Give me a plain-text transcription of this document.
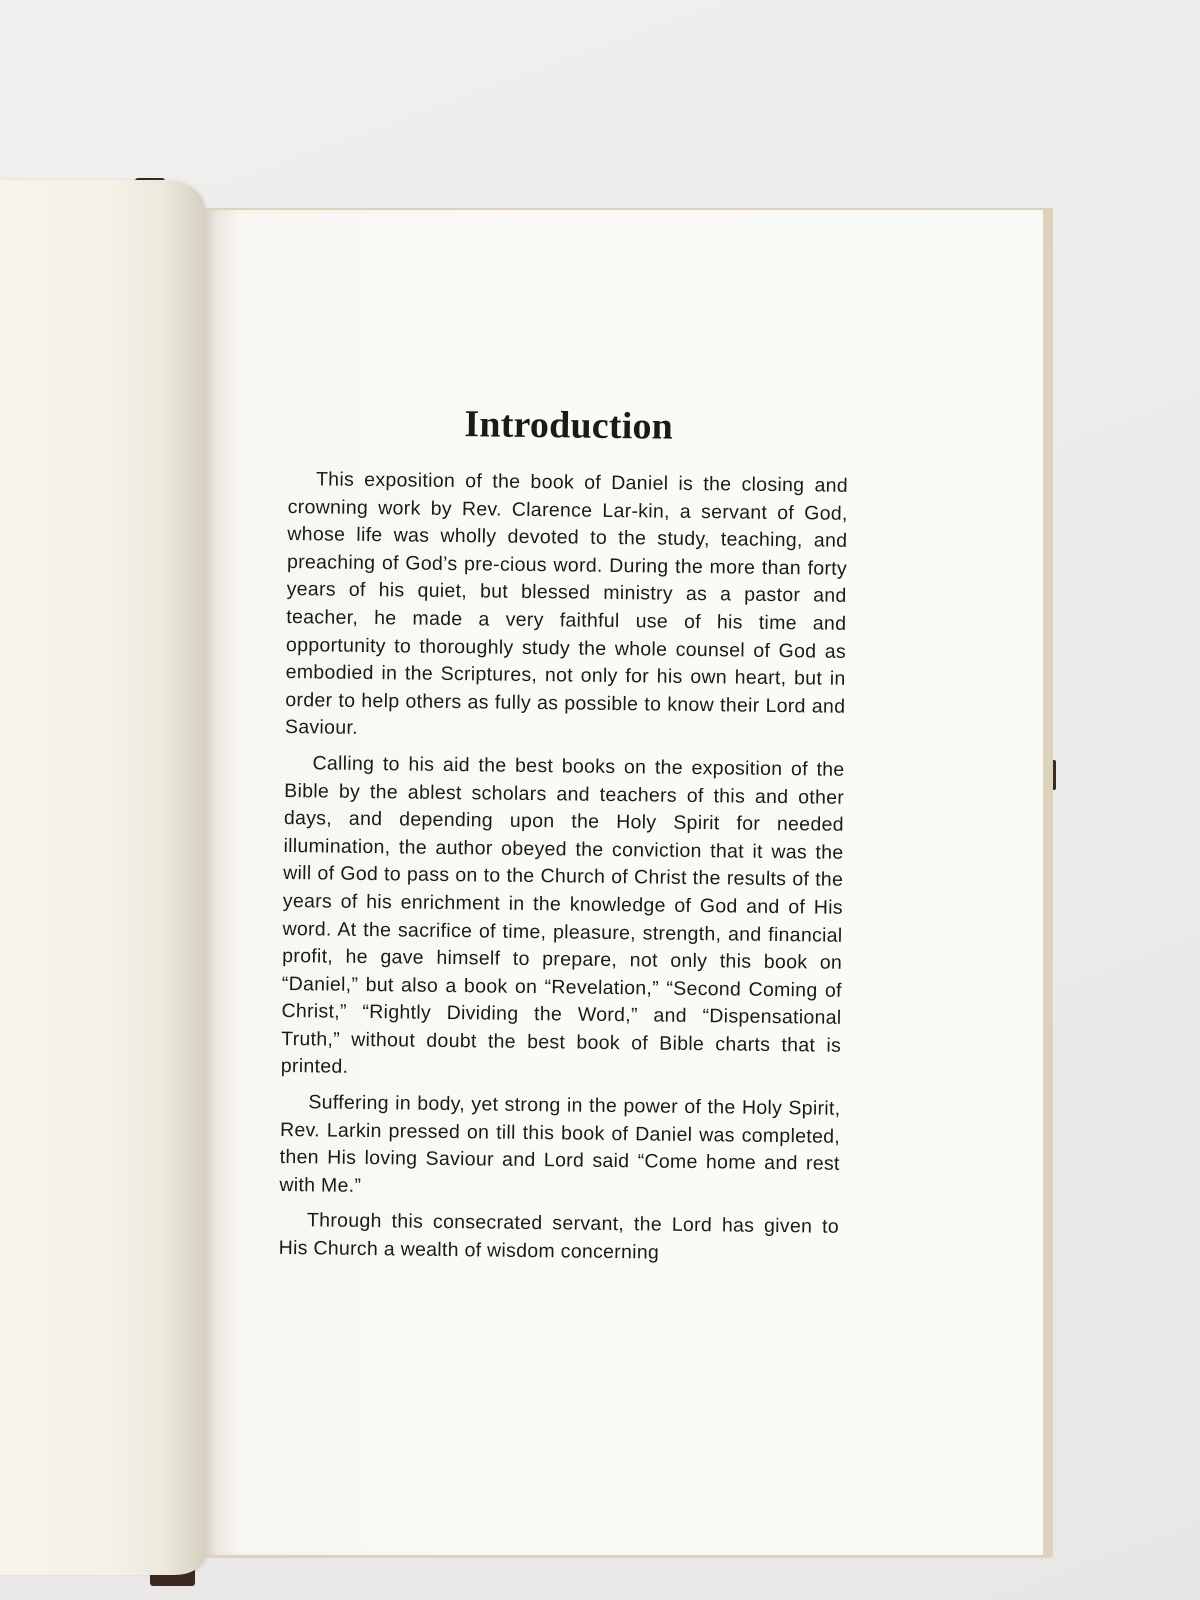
Introduction

This exposition of the book of Daniel is the closing and crowning work by Rev. Clarence Lar-kin, a servant of God, whose life was wholly devoted to the study, teaching, and preaching of God’s pre-cious word. During the more than forty years of his quiet, but blessed ministry as a pastor and teacher, he made a very faithful use of his time and opportunity to thoroughly study the whole counsel of God as embodied in the Scriptures, not only for his own heart, but in order to help others as fully as possible to know their Lord and Saviour.

Calling to his aid the best books on the exposition of the Bible by the ablest scholars and teachers of this and other days, and depending upon the Holy Spirit for needed illumination, the author obeyed the conviction that it was the will of God to pass on to the Church of Christ the results of the years of his enrichment in the knowledge of God and of His word. At the sacrifice of time, pleasure, strength, and financial profit, he gave himself to prepare, not only this book on “Daniel,” but also a book on “Revelation,” “Second Coming of Christ,” “Rightly Dividing the Word,” and “Dispensational Truth,” without doubt the best book of Bible charts that is printed.

Suffering in body, yet strong in the power of the Holy Spirit, Rev. Larkin pressed on till this book of Daniel was completed, then His loving Saviour and Lord said “Come home and rest with Me.”

Through this consecrated servant, the Lord has given to His Church a wealth of wisdom concerning
